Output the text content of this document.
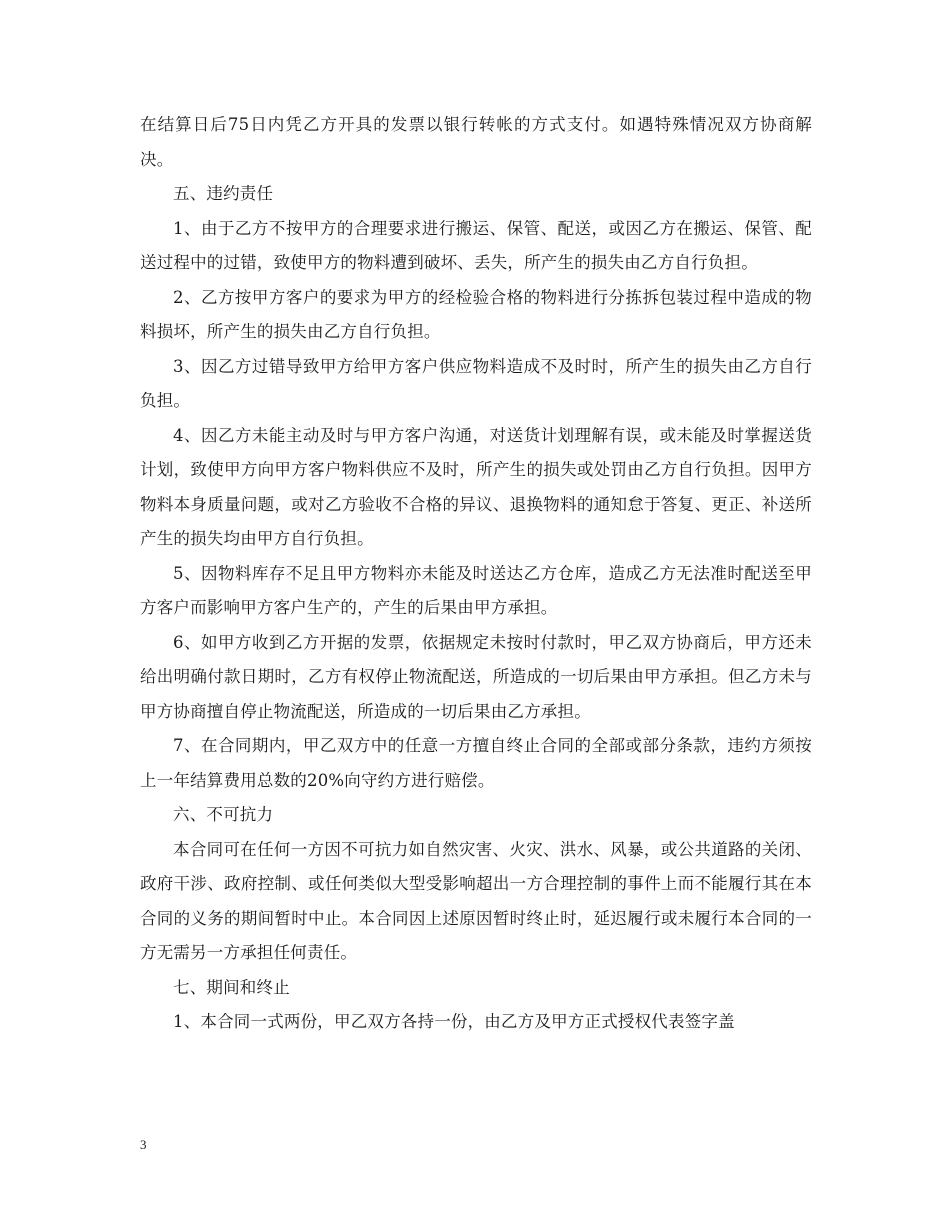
在结算日后75日内凭乙方开具的发票以银行转帐的方式支付。如遇特殊情况双方协商解决。

五、违约责任

1、由于乙方不按甲方的合理要求进行搬运、保管、配送，或因乙方在搬运、保管、配送过程中的过错，致使甲方的物料遭到破坏、丢失，所产生的损失由乙方自行负担。

2、乙方按甲方客户的要求为甲方的经检验合格的物料进行分拣拆包装过程中造成的物料损坏，所产生的损失由乙方自行负担。

3、因乙方过错导致甲方给甲方客户供应物料造成不及时时，所产生的损失由乙方自行负担。

4、因乙方未能主动及时与甲方客户沟通，对送货计划理解有误，或未能及时掌握送货计划，致使甲方向甲方客户物料供应不及时，所产生的损失或处罚由乙方自行负担。因甲方物料本身质量问题，或对乙方验收不合格的异议、退换物料的通知怠于答复、更正、补送所产生的损失均由甲方自行负担。

5、因物料库存不足且甲方物料亦未能及时送达乙方仓库，造成乙方无法准时配送至甲方客户而影响甲方客户生产的，产生的后果由甲方承担。

6、如甲方收到乙方开据的发票，依据规定未按时付款时，甲乙双方协商后，甲方还未给出明确付款日期时，乙方有权停止物流配送，所造成的一切后果由甲方承担。但乙方未与甲方协商擅自停止物流配送，所造成的一切后果由乙方承担。

7、在合同期内，甲乙双方中的任意一方擅自终止合同的全部或部分条款，违约方须按上一年结算费用总数的20%向守约方进行赔偿。

六、不可抗力

本合同可在任何一方因不可抗力如自然灾害、火灾、洪水、风暴，或公共道路的关闭、政府干涉、政府控制、或任何类似大型受影响超出一方合理控制的事件上而不能履行其在本合同的义务的期间暂时中止。本合同因上述原因暂时终止时，延迟履行或未履行本合同的一方无需另一方承担任何责任。

七、期间和终止

1、本合同一式两份，甲乙双方各持一份，由乙方及甲方正式授权代表签字盖

3
